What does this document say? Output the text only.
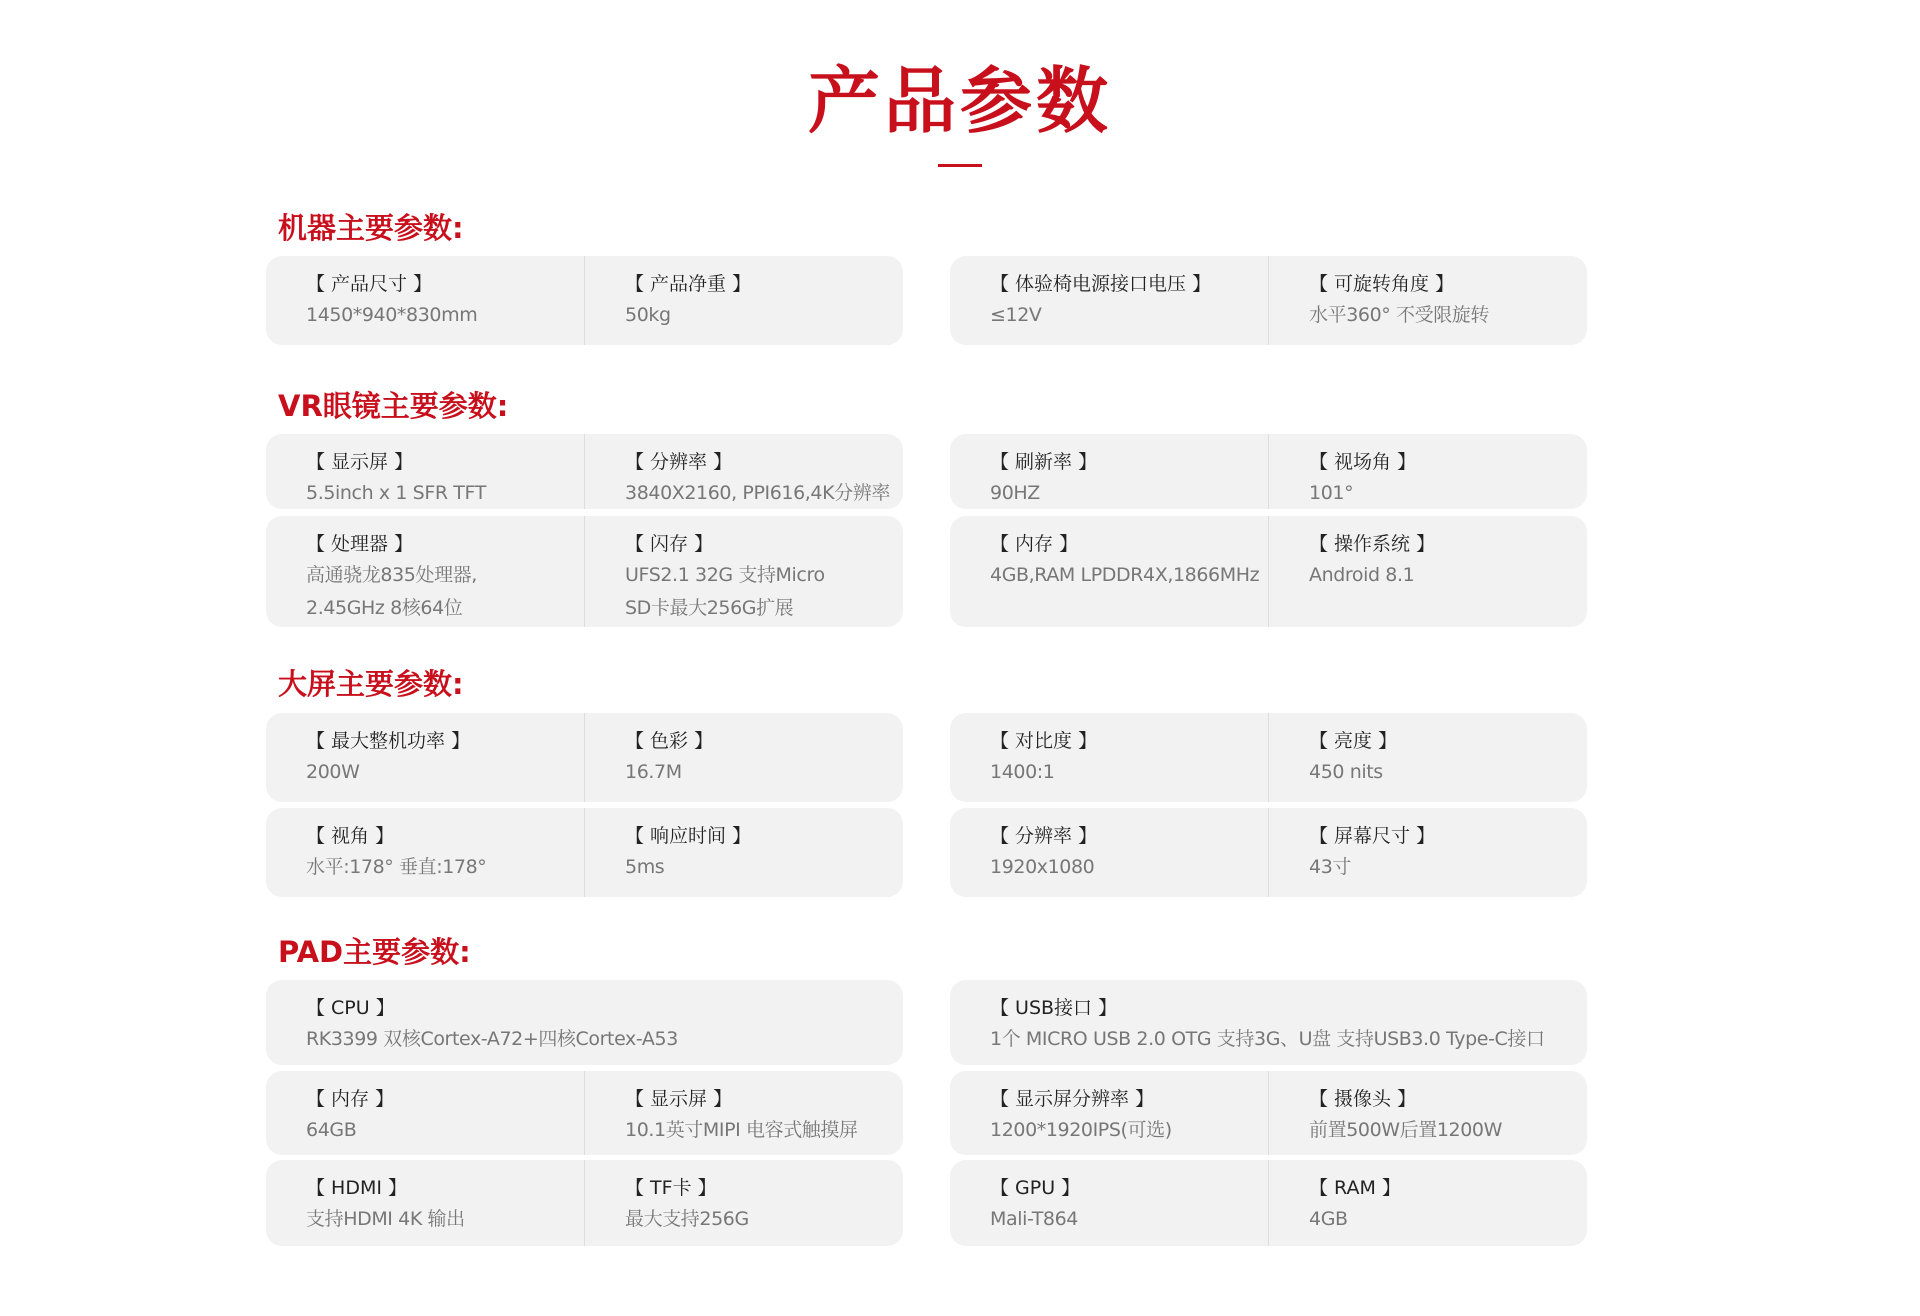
产品参数
机器主要参数:
【 产品尺寸 】
1450*940*830mm
【 产品净重 】
50kg
【 体验椅电源接口电压 】
≤12V
【 可旋转角度 】
水平360° 不受限旋转
VR眼镜主要参数:
【 显示屏 】
5.5inch x 1 SFR TFT
【 分辨率 】
3840X2160, PPI616,4K分辨率
【 刷新率 】
90HZ
【 视场角 】
101°
【 处理器 】
高通骁龙835处理器,
2.45GHz 8核64位
【 闪存 】
UFS2.1 32G 支持Micro
SD卡最大256G扩展
【 内存 】
4GB,RAM LPDDR4X,1866MHz
【 操作系统 】
Android 8.1
大屏主要参数:
【 最大整机功率 】
200W
【 色彩 】
16.7M
【 对比度 】
1400:1
【 亮度 】
450 nits
【 视角 】
水平:178° 垂直:178°
【 响应时间 】
5ms
【 分辨率 】
1920x1080
【 屏幕尺寸 】
43寸
PAD主要参数:
【 CPU 】
RK3399 双核Cortex-A72+四核Cortex-A53
【 USB接口 】
1个 MICRO USB 2.0 OTG 支持3G、U盘 支持USB3.0 Type-C接口
【 内存 】
64GB
【 显示屏 】
10.1英寸MIPI 电容式触摸屏
【 显示屏分辨率 】
1200*1920IPS(可选)
【 摄像头 】
前置500W后置1200W
【 HDMI 】
支持HDMI 4K 输出
【 TF卡 】
最大支持256G
【 GPU 】
Mali-T864
【 RAM 】
4GB
